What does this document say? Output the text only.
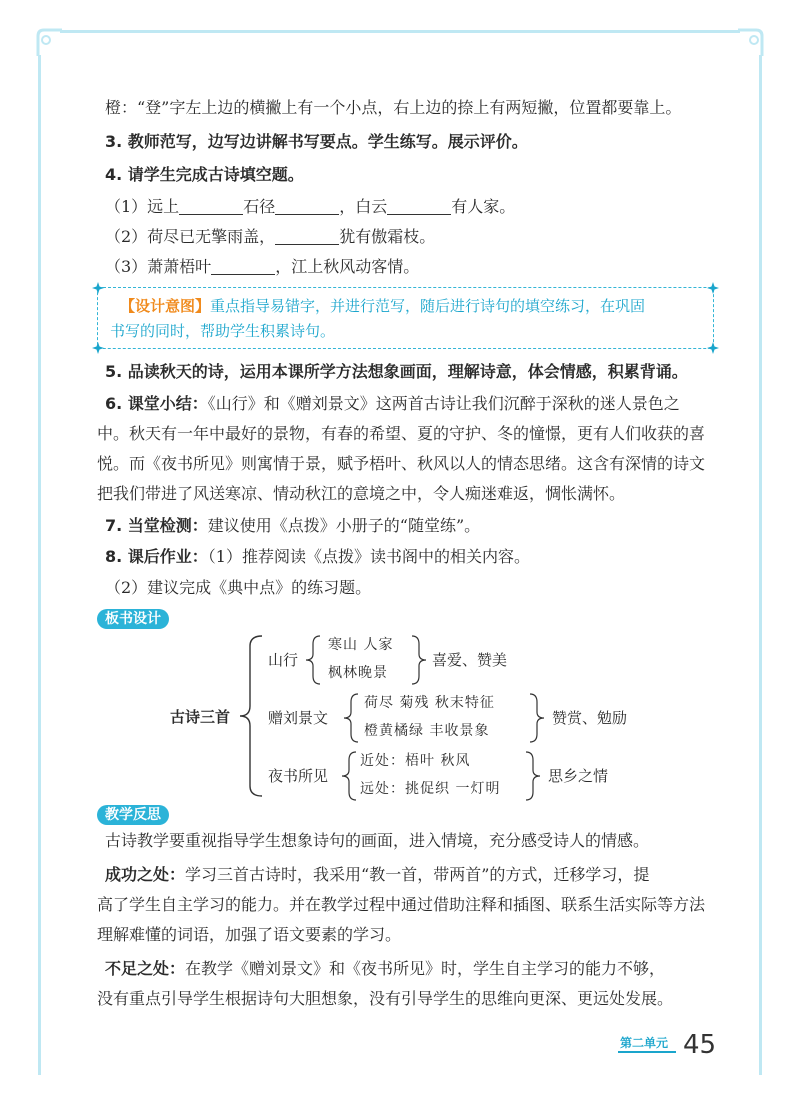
橙：“登”字左上边的横撇上有一个小点，右上边的捺上有两短撇，位置都要靠上。
3. 教师范写，边写边讲解书写要点。学生练写。展示评价。
4. 请学生完成古诗填空题。
（1）远上	石径	，白云	有人家。
（2）荷尽已无擎雨盖，	犹有傲霜枝。
（3）萧萧梧叶	，江上秋风动客情。
5. 品读秋天的诗，运用本课所学方法想象画面，理解诗意，体会情感，积累背诵。
6. 课堂小结：《山行》和《赠刘景文》这两首古诗让我们沉醉于深秋的迷人景色之
中。秋天有一年中最好的景物，有春的希望、夏的守护、冬的憧憬，更有人们收获的喜
悦。而《夜书所见》则寓情于景，赋予梧叶、秋风以人的情态思绪。这含有深情的诗文
把我们带进了风送寒凉、情动秋江的意境之中，令人痴迷难返，惆怅满怀。
7. 当堂检测：建议使用《点拨》小册子的“随堂练”。
8. 课后作业：（1）推荐阅读《点拨》读书阁中的相关内容。
（2）建议完成《典中点》的练习题。
【设计意图】重点指导易错字，并进行范写，随后进行诗句的填空练习，在巩固
书写的同时，帮助学生积累诗句。
板书设计
古诗三首
山行
寒山 人家
枫林晚景
喜爱、赞美
赠刘景文
荷尽 菊残 秋末特征
橙黄橘绿 丰收景象
赞赏、勉励
夜书所见
近处：梧叶 秋风
远处：挑促织 一灯明
思乡之情
教学反思
古诗教学要重视指导学生想象诗句的画面，进入情境，充分感受诗人的情感。
成功之处：学习三首古诗时，我采用“教一首，带两首”的方式，迁移学习，提
高了学生自主学习的能力。并在教学过程中通过借助注释和插图、联系生活实际等方法
理解难懂的词语，加强了语文要素的学习。
不足之处：在教学《赠刘景文》和《夜书所见》时，学生自主学习的能力不够，
没有重点引导学生根据诗句大胆想象，没有引导学生的思维向更深、更远处发展。
第二单元 45
